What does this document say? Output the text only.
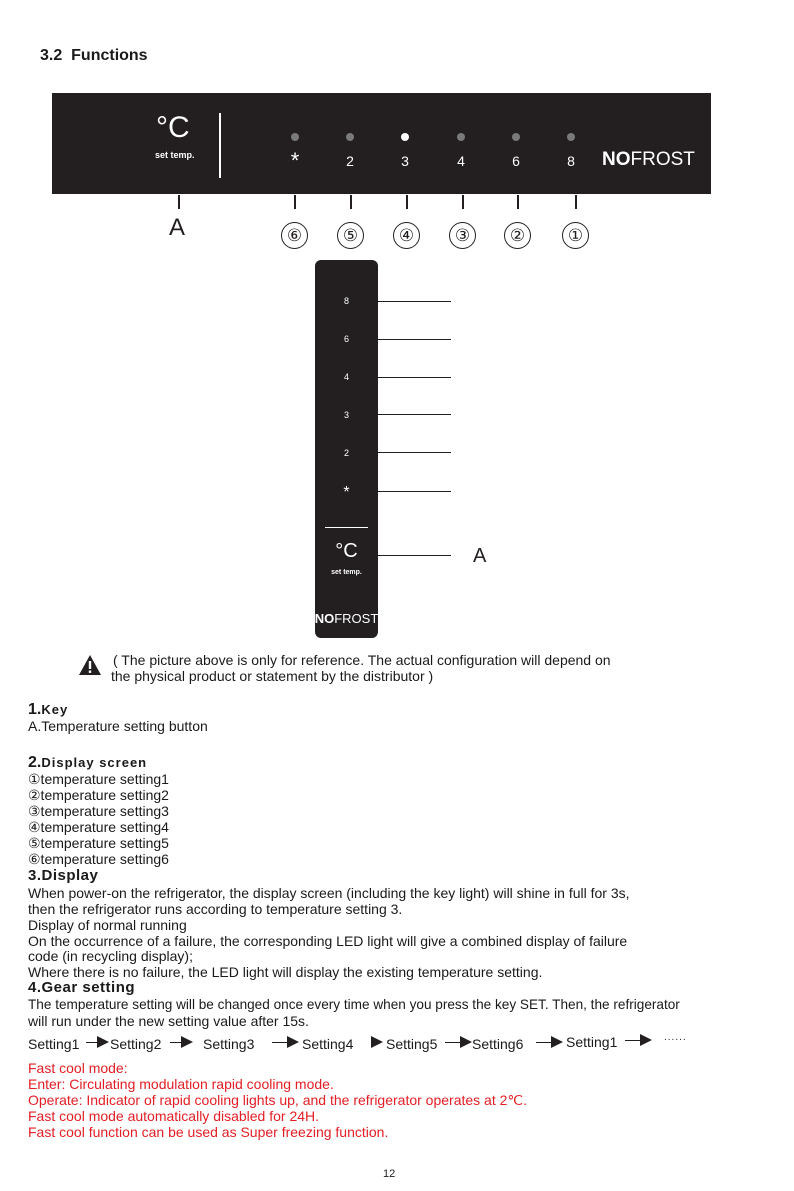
3.2 Functions
°C
set temp.	*	2	3	4	6	8 NOFROST
A	⑥	⑤	④	③	②	①
8
6
4
3
2
*
°C
set temp.
NOFROST
A
( The picture above is only for reference. The actual configuration will depend on
the physical product or statement by the distributor )
1.Key
A.Temperature setting button
2.Display screen
①temperature setting1
②temperature setting2
③temperature setting3
④temperature setting4
⑤temperature setting5
⑥temperature setting6
3.Display
When power-on the refrigerator, the display screen (including the key light) will shine in full for 3s,
then the refrigerator runs according to temperature setting 3.
Display of normal running
On the occurrence of a failure, the corresponding LED light will give a combined display of failure
code (in recycling display);
Where there is no failure, the LED light will display the existing temperature setting.
4.Gear setting
The temperature setting will be changed once every time when you press the key SET. Then, the refrigerator
will run under the new setting value after 15s.
Setting1 Setting2	Setting3	Setting4 Setting5 Setting6	Setting1	......
Fast cool mode:
Enter: Circulating modulation rapid cooling mode.
Operate: Indicator of rapid cooling lights up, and the refrigerator operates at 2℃.
Fast cool mode automatically disabled for 24H.
Fast cool function can be used as Super freezing function.
12
